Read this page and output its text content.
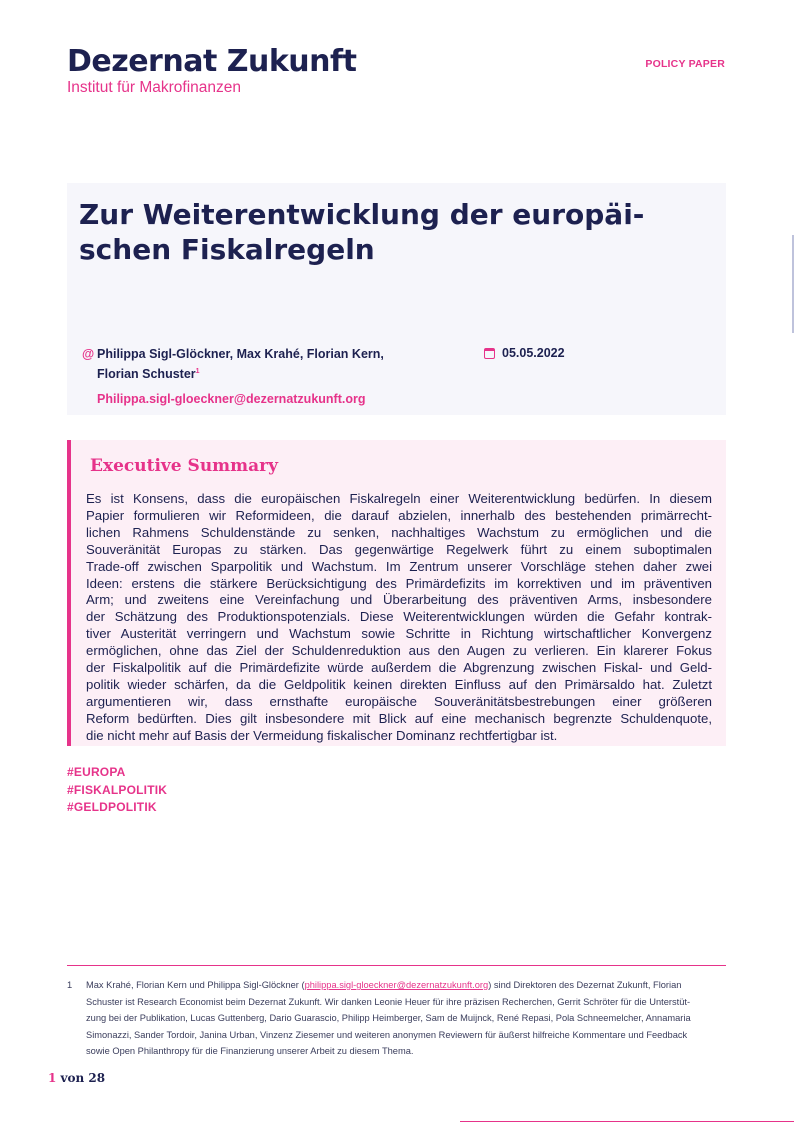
Dezernat Zukunft
Institut für Makrofinanzen
POLICY PAPER
Zur Weiterentwicklung der europäi-
schen Fiskalregeln
@ Philippa Sigl-Glöckner, Max Krahé, Florian Kern,
Florian Schuster$^1$
Philippa.sigl-gloeckner@dezernatzukunft.org
05.05.2022
Executive Summary
Es ist Konsens, dass die europäischen Fiskalregeln einer Weiterentwicklung bedürfen. In diesem
Papier formulieren wir Reformideen, die darauf abzielen, innerhalb des bestehenden primärrecht-
lichen Rahmens Schuldenstände zu senken, nachhaltiges Wachstum zu ermöglichen und die
Souveränität Europas zu stärken. Das gegenwärtige Regelwerk führt zu einem suboptimalen
Trade-off zwischen Sparpolitik und Wachstum. Im Zentrum unserer Vorschläge stehen daher zwei
Ideen: erstens die stärkere Berücksichtigung des Primärdefizits im korrektiven und im präventiven
Arm; und zweitens eine Vereinfachung und Überarbeitung des präventiven Arms, insbesondere
der Schätzung des Produktionspotenzials. Diese Weiterentwicklungen würden die Gefahr kontrak-
tiver Austerität verringern und Wachstum sowie Schritte in Richtung wirtschaftlicher Konvergenz
ermöglichen, ohne das Ziel der Schuldenreduktion aus den Augen zu verlieren. Ein klarerer Fokus
der Fiskalpolitik auf die Primärdefizite würde außerdem die Abgrenzung zwischen Fiskal- und Geld-
politik wieder schärfen, da die Geldpolitik keinen direkten Einfluss auf den Primärsaldo hat. Zuletzt
argumentieren wir, dass ernsthafte europäische Souveränitätsbestrebungen einer größeren
Reform bedürften. Dies gilt insbesondere mit Blick auf eine mechanisch begrenzte Schuldenquote,
die nicht mehr auf Basis der Vermeidung fiskalischer Dominanz rechtfertigbar ist.
#EUROPA
#FISKALPOLITIK
#GELDPOLITIK
1 Max Krahé, Florian Kern und Philippa Sigl-Glöckner (philippa.sigl-gloeckner@dezernatzukunft.org) sind Direktoren des Dezernat Zukunft, Florian
Schuster ist Research Economist beim Dezernat Zukunft. Wir danken Leonie Heuer für ihre präzisen Recherchen, Gerrit Schröter für die Unterstüt-
zung bei der Publikation, Lucas Guttenberg, Dario Guarascio, Philipp Heimberger, Sam de Muijnck, René Repasi, Pola Schneemelcher, Annamaria
Simonazzi, Sander Tordoir, Janina Urban, Vinzenz Ziesemer und weiteren anonymen Reviewern für äußerst hilfreiche Kommentare und Feedback
sowie Open Philanthropy für die Finanzierung unserer Arbeit zu diesem Thema.
1 von 28
